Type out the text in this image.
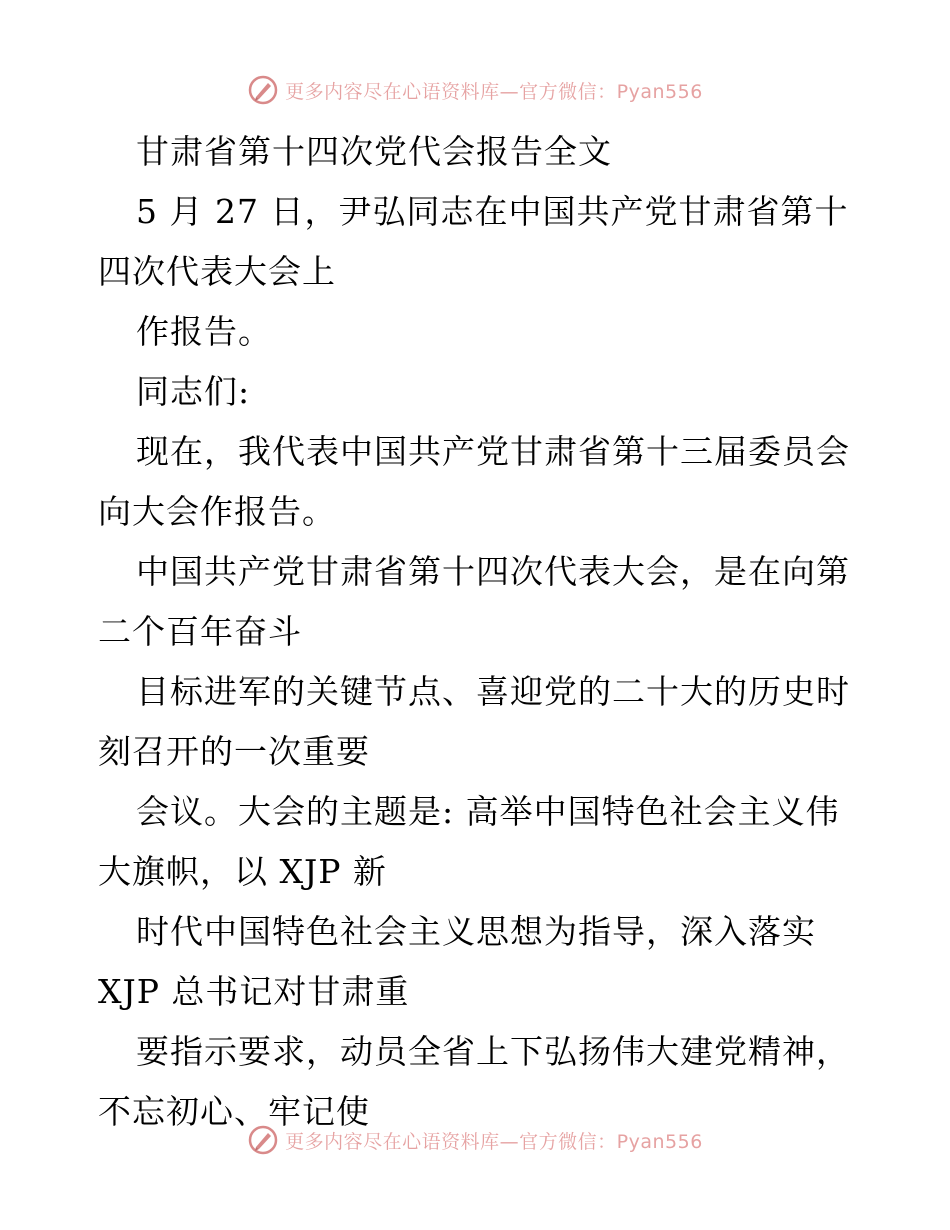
更多内容尽在心语资料库—官方微信：Pyan556
甘肃省第十四次党代会报告全文
5 月 27 日，尹弘同志在中国共产党甘肃省第十
四次代表大会上
作报告。
同志们:
现在，我代表中国共产党甘肃省第十三届委员会
向大会作报告。
中国共产党甘肃省第十四次代表大会，是在向第
二个百年奋斗
目标进军的关键节点、喜迎党的二十大的历史时
刻召开的一次重要
会议。大会的主题是: 高举中国特色社会主义伟
大旗帜，以 XJP 新
时代中国特色社会主义思想为指导，深入落实
XJP 总书记对甘肃重
要指示要求，动员全省上下弘扬伟大建党精神，
不忘初心、牢记使
更多内容尽在心语资料库—官方微信：Pyan556
